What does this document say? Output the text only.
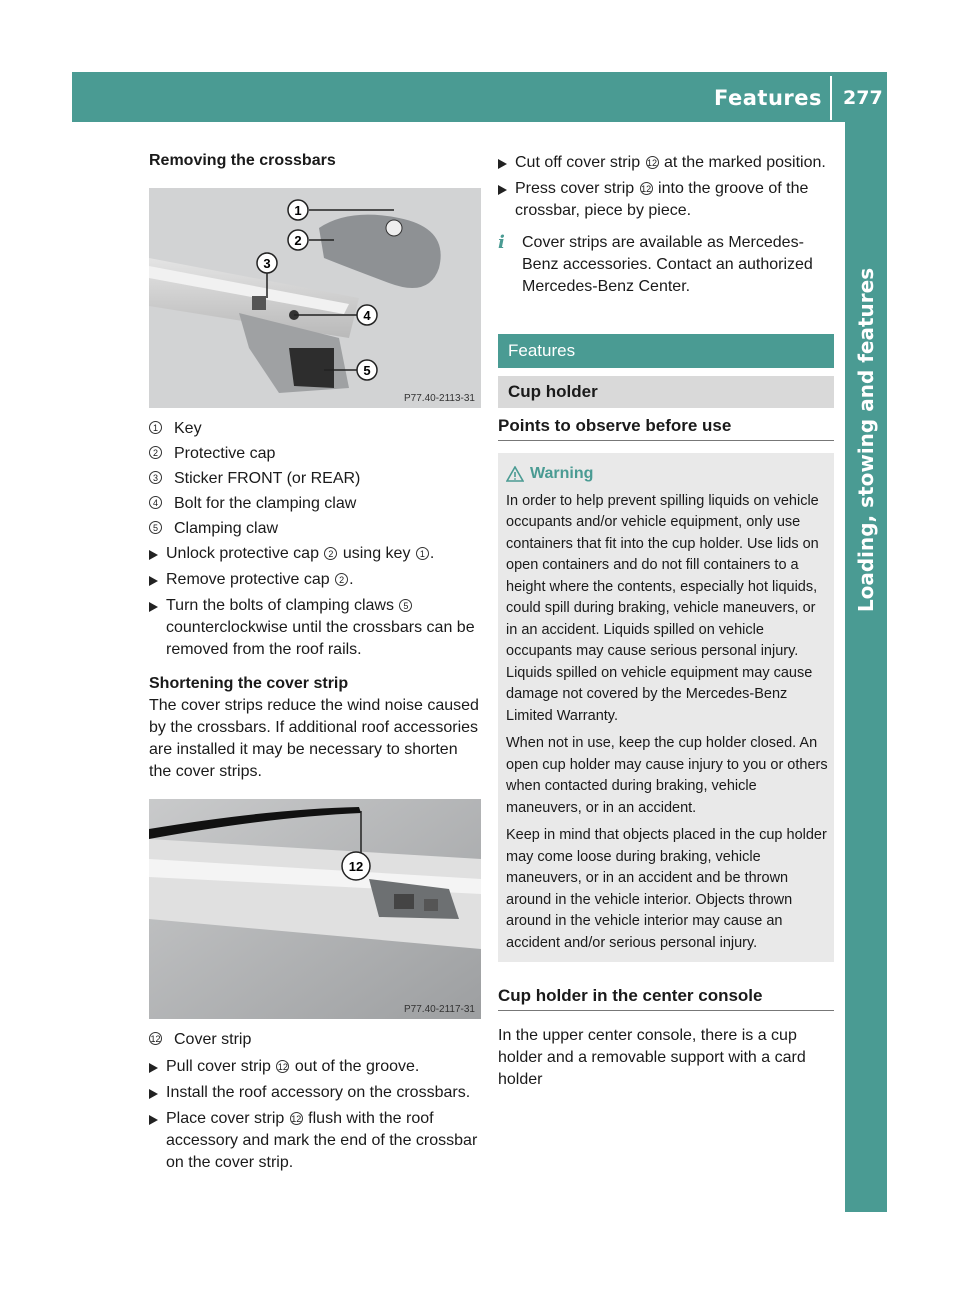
Features 277
Loading, stowing and features
Removing the crossbars
1
2
3
4
5
P77.40-2113-31
1 Key
2 Protective cap
3 Sticker FRONT (or REAR)
4 Bolt for the clamping claw
5 Clamping claw
Unlock protective cap 2 using key 1 .
Remove protective cap 2 .
Turn the bolts of clamping claws 5
counterclockwise until the crossbars can be removed from the roof rails.
Shortening the cover strip

The cover strips reduce the wind noise caused by the crossbars. If additional roof accessories are installed it may be necessary to shorten the cover strips.

12
P77.40-2117-31
12 Cover strip
Pull cover strip 12 out of the groove.
Install the roof accessory on the crossbars.
Place cover strip 12 flush with the roof accessory and mark the end of the crossbar on the cover strip.
Cut off cover strip 12 at the marked position.
Press cover strip 12 into the groove of the crossbar, piece by piece.
i	Cover strips are available as Mercedes-Benz accessories. Contact an authorized Mercedes-Benz Center.

Features
Cup holder
Points to observe before use
Warning

In order to help prevent spilling liquids on vehicle occupants and/or vehicle equipment, only use containers that fit into the cup holder. Use lids on open containers and do not fill containers to a height where the contents, especially hot liquids, could spill during braking, vehicle maneuvers, or in an accident. Liquids spilled on vehicle occupants may cause serious personal injury. Liquids spilled on vehicle equipment may cause damage not covered by the Mercedes-Benz Limited Warranty.

When not in use, keep the cup holder closed. An open cup holder may cause injury to you or others when contacted during braking, vehicle maneuvers, or in an accident.

Keep in mind that objects placed in the cup holder may come loose during braking, vehicle maneuvers, or in an accident and be thrown around in the vehicle interior. Objects thrown around in the vehicle interior may cause an accident and/or serious personal injury.

Cup holder in the center console

In the upper center console, there is a cup holder and a removable support with a card holder
